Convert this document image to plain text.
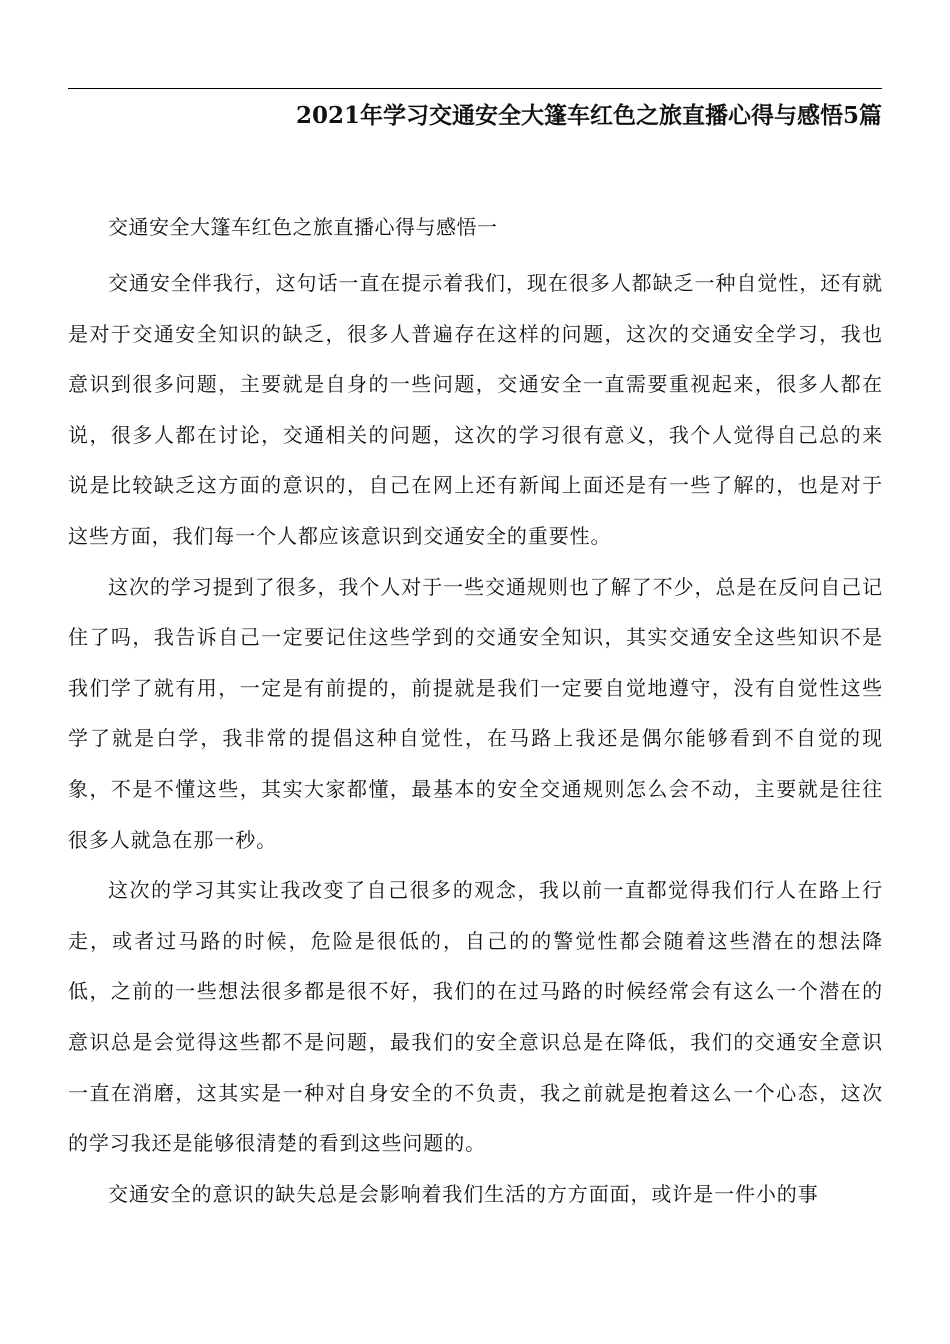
2021年学习交通安全大篷车红色之旅直播心得与感悟5篇

交通安全大篷车红色之旅直播心得与感悟一

交通安全伴我行，这句话一直在提示着我们，现在很多人都缺乏一种自觉性，还有就是对于交通安全知识的缺乏，很多人普遍存在这样的问题，这次的交通安全学习，我也意识到很多问题，主要就是自身的一些问题，交通安全一直需要重视起来，很多人都在说，很多人都在讨论，交通相关的问题，这次的学习很有意义，我个人觉得自己总的来说是比较缺乏这方面的意识的，自己在网上还有新闻上面还是有一些了解的，也是对于这些方面，我们每一个人都应该意识到交通安全的重要性。

这次的学习提到了很多，我个人对于一些交通规则也了解了不少，总是在反问自己记住了吗，我告诉自己一定要记住这些学到的交通安全知识，其实交通安全这些知识不是我们学了就有用，一定是有前提的，前提就是我们一定要自觉地遵守，没有自觉性这些学了就是白学，我非常的提倡这种自觉性，在马路上我还是偶尔能够看到不自觉的现象，不是不懂这些，其实大家都懂，最基本的安全交通规则怎么会不动，主要就是往往很多人就急在那一秒。

这次的学习其实让我改变了自己很多的观念，我以前一直都觉得我们行人在路上行走，或者过马路的时候，危险是很低的，自己的的警觉性都会随着这些潜在的想法降低，之前的一些想法很多都是很不好，我们的在过马路的时候经常会有这么一个潜在的意识总是会觉得这些都不是问题，最我们的安全意识总是在降低，我们的交通安全意识一直在消磨，这其实是一种对自身安全的不负责，我之前就是抱着这么一个心态，这次的学习我还是能够很清楚的看到这些问题的。

交通安全的意识的缺失总是会影响着我们生活的方方面面，或许是一件小的事
